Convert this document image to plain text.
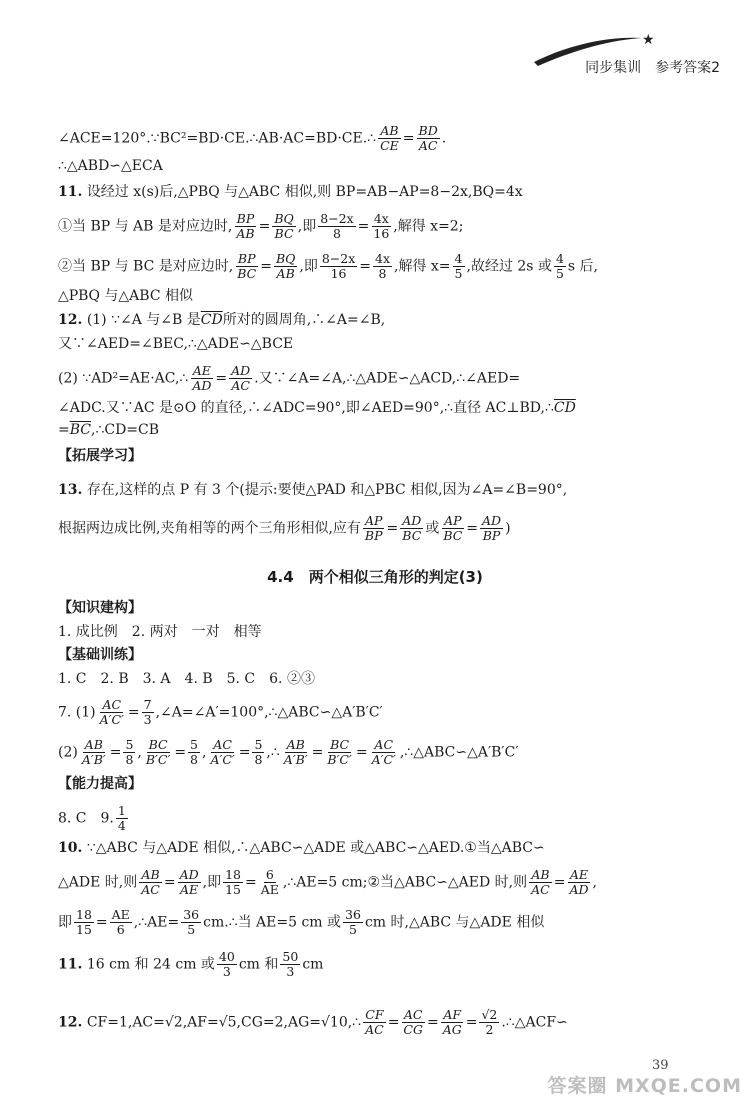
★
同步集训　参考答案2
∠ACE=120°.∵BC²=BD·CE.∴AB·AC=BD·CE.∴ $\frac{AB}{CE} = \frac{BD}{AC}$ .
∴△ABD∽△ECA
11. 设经过 x(s)后,△PBQ 与△ABC 相似,则 BP=AB−AP=8−2x,BQ=4x
①当 BP 与 AB 是对应边时, $\frac{BP}{AB} = \frac{BQ}{BC}$ ,即 $\frac{8-2x}{8} = \frac{4x}{16}$ ,解得 x=2;
②当 BP 与 BC 是对应边时, $\frac{BP}{BC} = \frac{BQ}{AB}$ ,即 $\frac{8-2x}{16} = \frac{4x}{8}$ ,解得 $x= \frac{4}{5}$ ,故经过 2s 或 $\frac{4}{5}$ s 后,
△PBQ 与△ABC 相似
12. (1) ∵∠A 与∠B 是$\overline{CD}$所对的圆周角,∴∠A=∠B,
又∵∠AED=∠BEC,∴△ADE∽△BCE
(2) ∵AD²=AE·AC,∴ $\frac{AE}{AD} = \frac{AD}{AC}$ .又∵∠A=∠A,∴△ADE∽△ACD,∴∠AED=
∠ADC.又∵AC 是⊙O 的直径,∴∠ADC=90°,即∠AED=90°,∴直径 $AC\perp BD,\therefore\overline{CD}$
$=\overline{BC},\therefore CD=CB$
【拓展学习】
13. 存在,这样的点 P 有 3 个(提示:要使△PAD 和△PBC 相似,因为∠A=∠B=90°,
根据两边成比例,夹角相等的两个三角形相似,应有 $\frac{AP}{BP} = \frac{AD}{BC}$ 或 $\frac{AP}{BC} = \frac{AD}{BP}$ )
4.4　两个相似三角形的判定(3)
【知识建构】
1. 成比例　2. 两对　一对　相等
【基础训练】
1. C　2. B　3. A　4. B　5. C　6. ②③
7. $(1) \frac{AC}{A'C'} = \frac{7}{3}$ ,∠A=∠A′=100°,∴△ABC∽△A′B′C′
$(2) \frac{AB}{A'B'} = \frac{5}{8}$ , $\frac{BC}{B'C'} = \frac{5}{8}$ , $\frac{AC}{A'C'} = \frac{5}{8}$ ,∴ $\frac{AB}{A'B'} = \frac{BC}{B'C'} = \frac{AC}{A'C'}$ ,∴△ABC∽△A′B′C′
【能力提高】
8. C　9. $\frac{1}{4}$
10. ∵△ABC 与△ADE 相似,∴△ABC∽△ADE 或△ABC∽△AED.①当△ABC∽
△ADE 时,则 $\frac{AB}{AC} = \frac{AD}{AE}$ ,即 $\frac{18}{15} = \frac{6}{AE}$ ,∴AE=5 cm;②当△ABC∽△AED 时,则 $\frac{AB}{AC} = \frac{AE}{AD}$ ,
即 $\frac{18}{15} = \frac{AE}{6}$ ,∴AE= $\frac{36}{5}$ cm.∴当 AE=5 cm 或 $\frac{36}{5}$ cm 时,△ABC 与△ADE 相似
11. 16 cm 和 24 cm 或 $\frac{40}{3}$ cm 和 $\frac{50}{3}$ cm
12. CF=1,AC=√2,AF=√5,CG=2,AG=√10,∴ $\frac{CF}{AC} = \frac{AC}{CG} = \frac{AF}{AG} = \frac{√2}{2}$ .∴△ACF∽
39
答案圈 MXQE.COM
